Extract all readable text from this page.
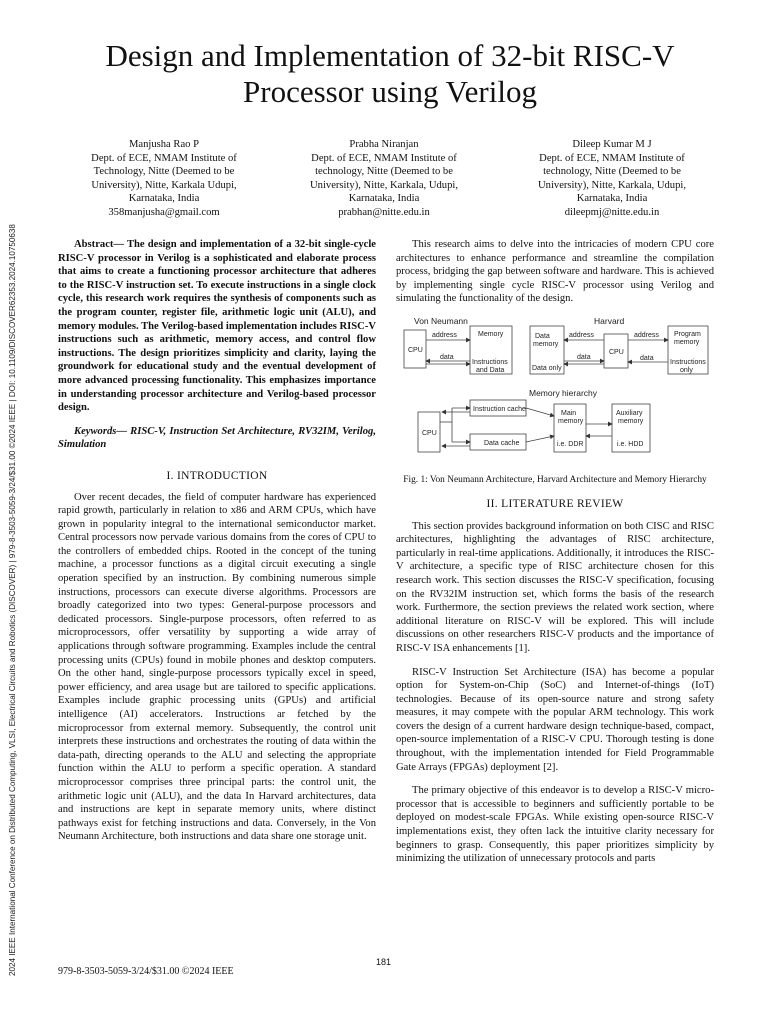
2024 IEEE International Conference on Distributed Computing, VLSI, Electrical Circuits and Robotics (DISCOVER) | 979-8-3503-5059-3/24/$31.00 ©2024 IEEE | DOI: 10.1109/DISCOVER62353.2024.10750638
Design and Implementation of 32-bit RISC-V Processor using Verilog
Manjusha Rao P
Dept. of ECE, NMAM Institute of
Technology, Nitte (Deemed to be
University), Nitte, Karkala Udupi,
Karnataka, India
358manjusha@gmail.com
Prabha Niranjan
Dept. of ECE, NMAM Institute of
technology, Nitte (Deemed to be
University), Nitte, Karkala, Udupi,
Karnataka, India
prabhan@nitte.edu.in
Dileep Kumar M J
Dept. of ECE, NMAM Institute of
technology, Nitte (Deemed to be
University), Nitte, Karkala, Udupi,
Karnataka, India
dileepmj@nitte.edu.in

Abstract— The design and implementation of a 32-bit single-cycle RISC-V processor in Verilog is a sophisticated and elaborate process that aims to create a functioning processor architecture that adheres to the RISC-V instruction set. To execute instructions in a single clock cycle, this research work requires the synthesis of components such as the program counter, register file, arithmetic logic unit (ALU), and memory modules. The Verilog-based implementation includes RISC-V instructions such as arithmetic, memory access, and control flow instructions. The design prioritizes simplicity and clarity, laying the groundwork for educational study and the eventual development of more advanced processing functionality. This emphasizes importance in understanding processor architecture and Verilog-based processor design.

Keywords— RISC-V, Instruction Set Architecture, RV32IM, Verilog, Simulation

I. INTRODUCTION

Over recent decades, the field of computer hardware has experienced rapid growth, particularly in relation to x86 and ARM CPUs, which have grown in popularity integral to the international semiconductor market. Central processors now pervade various domains from the cores of CPU to the controllers of embedded chips. Rooted in the concept of the tuning machine, a processor functions as a digital circuit executing a single operation specified by an instruction. By combining numerous simple instructions, processors can execute diverse algorithms. Processors are broadly categorized into two types: General-purpose processors and dedicated processors. Single-purpose processors, often referred to as microprocessors, offer versatility by supporting a wide array of applications through software programming. Examples include the central processing units (CPUs) found in mobile phones and desktop computers. On the other hand, single-purpose processors typically excel in speed, power efficiency, and area usage but are tailored to specific applications. Examples include graphic processing units (GPUs) and artificial intelligence (AI) accelerators. Instructions ar fetched by the microprocessor from external memory. Subsequently, the control unit interprets these instructions and orchestrates the routing of data within the data-path, directing operands to the ALU and selecting the appropriate function within the ALU to perform a specific operation. A standard microprocessor comprises three principal parts: the control unit, the arithmetic logic unit (ALU), and the data In Harvard architectures, data and instructions are kept in separate memory units, where distinct pathways exist for fetching instructions and data. Conversely, in the Von Neumann Architecture, both instructions and data share one storage unit.

This research aims to delve into the intricacies of modern CPU core architectures to enhance performance and streamline the compilation process, bridging the gap between software and hardware. This is achieved by implementing single cycle RISC-V processor using Verilog and simulating the functionality of the design.

Von Neumann	Harvard
Memory hierarchy
CPU
Memory
Instructions
and Data
address
data
Data
memory
Data only
CPU
address
data
address
data
Program
memory
Instructions
only
CPU
Instruction cache
Data cache
Main
memory
i.e. DDR
Auxiliary
memory
i.e. HDD
Fig. 1: Von Neumann Architecture, Harvard Architecture and Memory Hierarchy
II. LITERATURE REVIEW

This section provides background information on both CISC and RISC architectures, highlighting the advantages of RISC architecture, particularly in real-time applications. Additionally, it introduces the RISC-V architecture, a specific type of RISC architecture chosen for this research work. This section discusses the RISC-V specification, focusing on the RV32IM instruction set, which forms the basis of the research work. Furthermore, the section previews the related work section, where additional literature on RISC-V will be explored. This will include discussions on other researchers RISC-V products and the importance of RISC-V ISA enhancements [1].

RISC-V Instruction Set Architecture (ISA) has become a popular option for System-on-Chip (SoC) and Internet-of-things (IoT) technologies. Because of its open-source nature and strong safety measures, it may compete with the popular ARM technology. This work covers the design of a current hardware design technique-based, compact, open-source implementation of a RISC-V CPU. Thorough testing is done throughout, with the implementation intended for Field Programmable Gate Arrays (FPGAs) deployment [2].

The primary objective of this endeavor is to develop a RISC-V micro-processor that is accessible to beginners and sufficiently portable to be deployed on modest-scale FPGAs. While existing open-source RISC-V implementations exist, they often lack the intuitive clarity necessary for beginners to grasp. Consequently, this paper prioritizes simplicity by minimizing the utilization of unnecessary protocols and parts

181
979-8-3503-5059-3/24/$31.00 ©2024 IEEE
